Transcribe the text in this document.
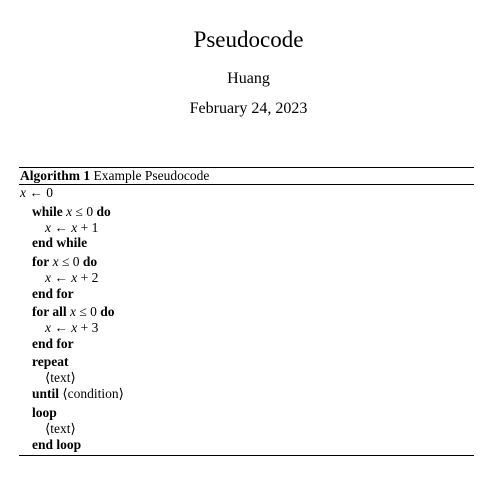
Pseudocode
Huang
February 24, 2023
Algorithm 1 Example Pseudocode
x ← 0
while x ≤ 0 do
x ← x + 1
end while
for x ≤ 0 do
x ← x + 2
end for
for all x ≤ 0 do
x ← x + 3
end for
repeat
⟨text⟩
until ⟨condition⟩
loop
⟨text⟩
end loop
